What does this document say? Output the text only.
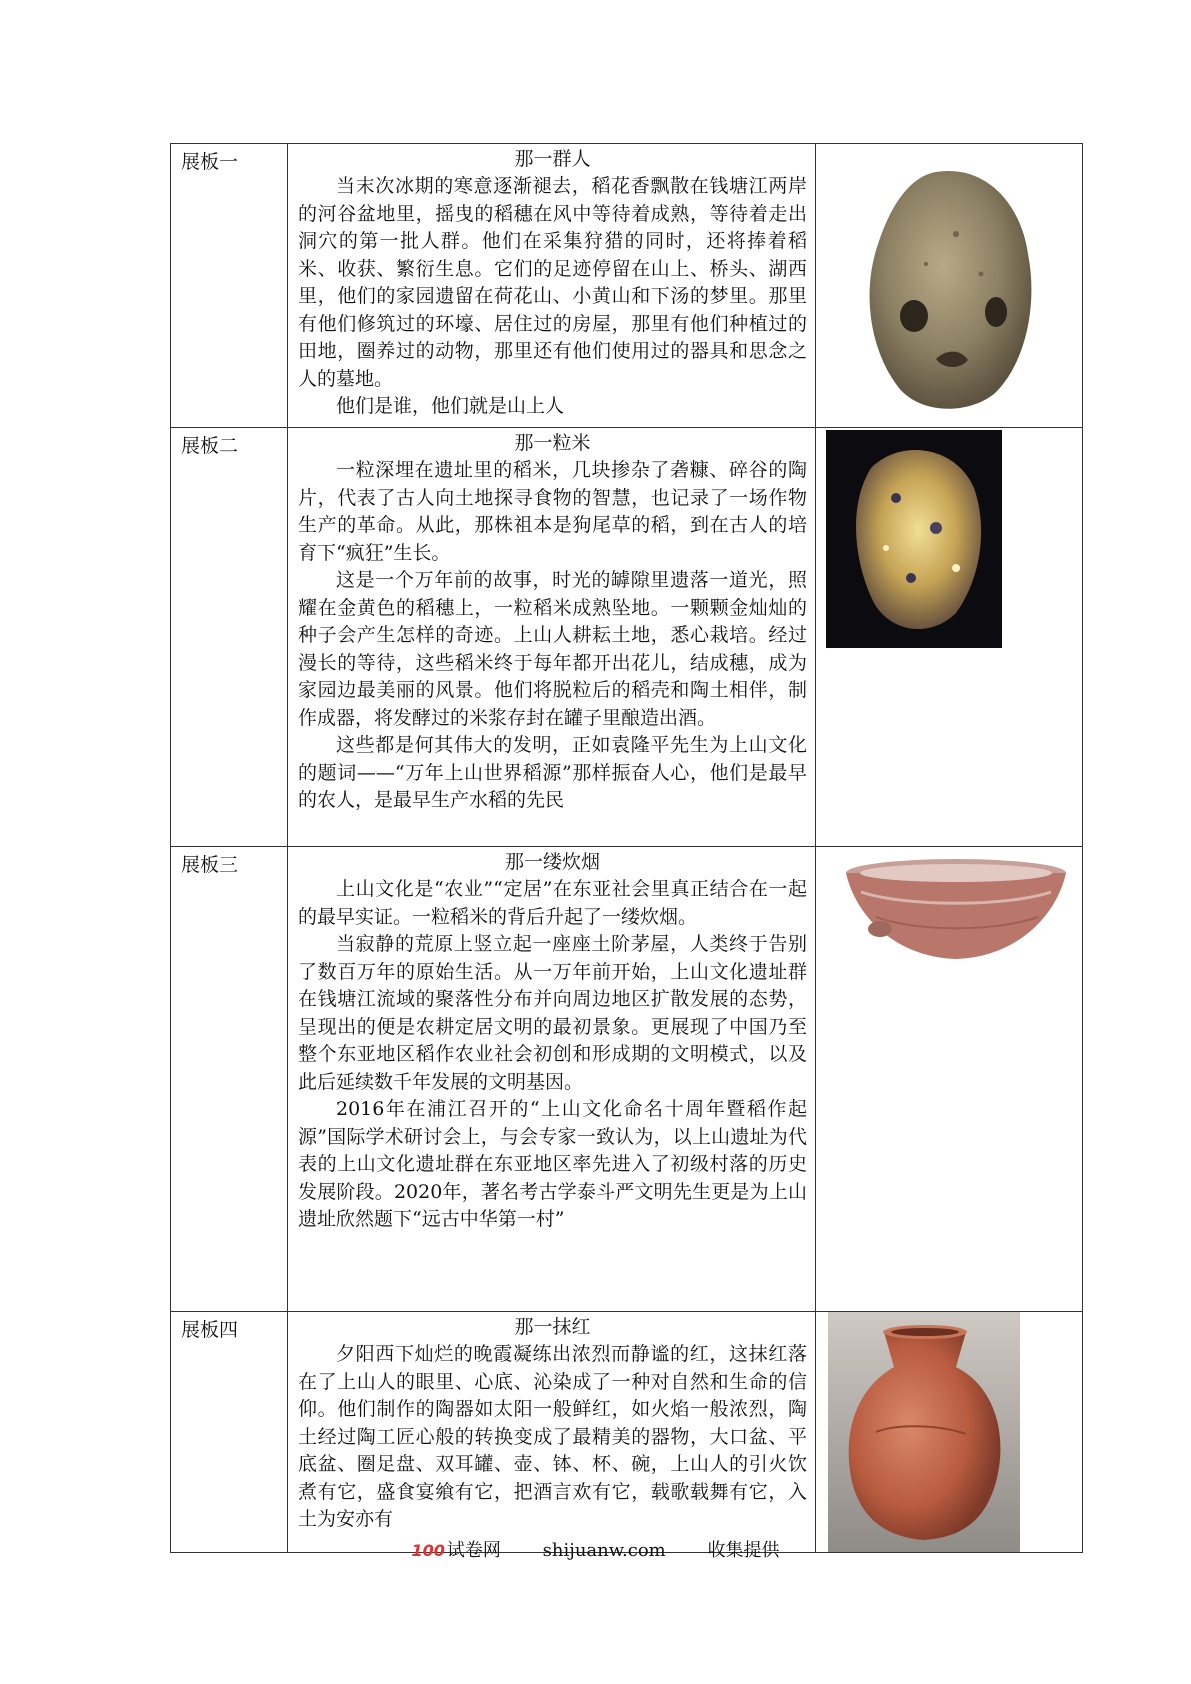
展板一	那一群人

当末次冰期的寒意逐渐褪去，稻花香飘散在钱塘江两岸的河谷盆地里，摇曳的稻穗在风中等待着成熟，等待着走出洞穴的第一批人群。他们在采集狩猎的同时，还将捧着稻米、收获、繁衍生息。它们的足迹停留在山上、桥头、湖西里，他们的家园遗留在荷花山、小黄山和下汤的梦里。那里有他们修筑过的环壕、居住过的房屋，那里有他们种植过的田地，圈养过的动物，那里还有他们使用过的器具和思念之人的墓地。

他们是谁，他们就是山上人

展板二	那一粒米

一粒深埋在遗址里的稻米，几块掺杂了砻糠、碎谷的陶片，代表了古人向土地探寻食物的智慧，也记录了一场作物生产的革命。从此，那株祖本是狗尾草的稻，到在古人的培育下“疯狂”生长。

这是一个万年前的故事，时光的罅隙里遗落一道光，照耀在金黄色的稻穗上，一粒稻米成熟坠地。一颗颗金灿灿的种子会产生怎样的奇迹。上山人耕耘土地，悉心栽培。经过漫长的等待，这些稻米终于每年都开出花儿，结成穗，成为家园边最美丽的风景。他们将脱粒后的稻壳和陶土相伴，制作成器，将发酵过的米浆存封在罐子里酿造出酒。

这些都是何其伟大的发明，正如袁隆平先生为上山文化的题词——“万年上山世界稻源”那样振奋人心，他们是最早的农人，是最早生产水稻的先民

展板三	那一缕炊烟

上山文化是“农业”“定居”在东亚社会里真正结合在一起的最早实证。一粒稻米的背后升起了一缕炊烟。

当寂静的荒原上竖立起一座座土阶茅屋，人类终于告别了数百万年的原始生活。从一万年前开始，上山文化遗址群在钱塘江流域的聚落性分布并向周边地区扩散发展的态势，呈现出的便是农耕定居文明的最初景象。更展现了中国乃至整个东亚地区稻作农业社会初创和形成期的文明模式，以及此后延续数千年发展的文明基因。

2016年在浦江召开的“上山文化命名十周年暨稻作起源”国际学术研讨会上，与会专家一致认为，以上山遗址为代表的上山文化遗址群在东亚地区率先进入了初级村落的历史发展阶段。2020年，著名考古学泰斗严文明先生更是为上山遗址欣然题下“远古中华第一村”

展板四	那一抹红

夕阳西下灿烂的晚霞凝练出浓烈而静谧的红，这抹红落在了上山人的眼里、心底、沁染成了一种对自然和生命的信仰。他们制作的陶器如太阳一般鲜红，如火焰一般浓烈，陶土经过陶工匠心般的转换变成了最精美的器物，大口盆、平底盆、圈足盘、双耳罐、壶、钵、杯、碗，上山人的引火饮煮有它，盛食宴飨有它，把酒言欢有它，载歌载舞有它，入土为安亦有

100 试卷网 shijuanw.com 收集提供
